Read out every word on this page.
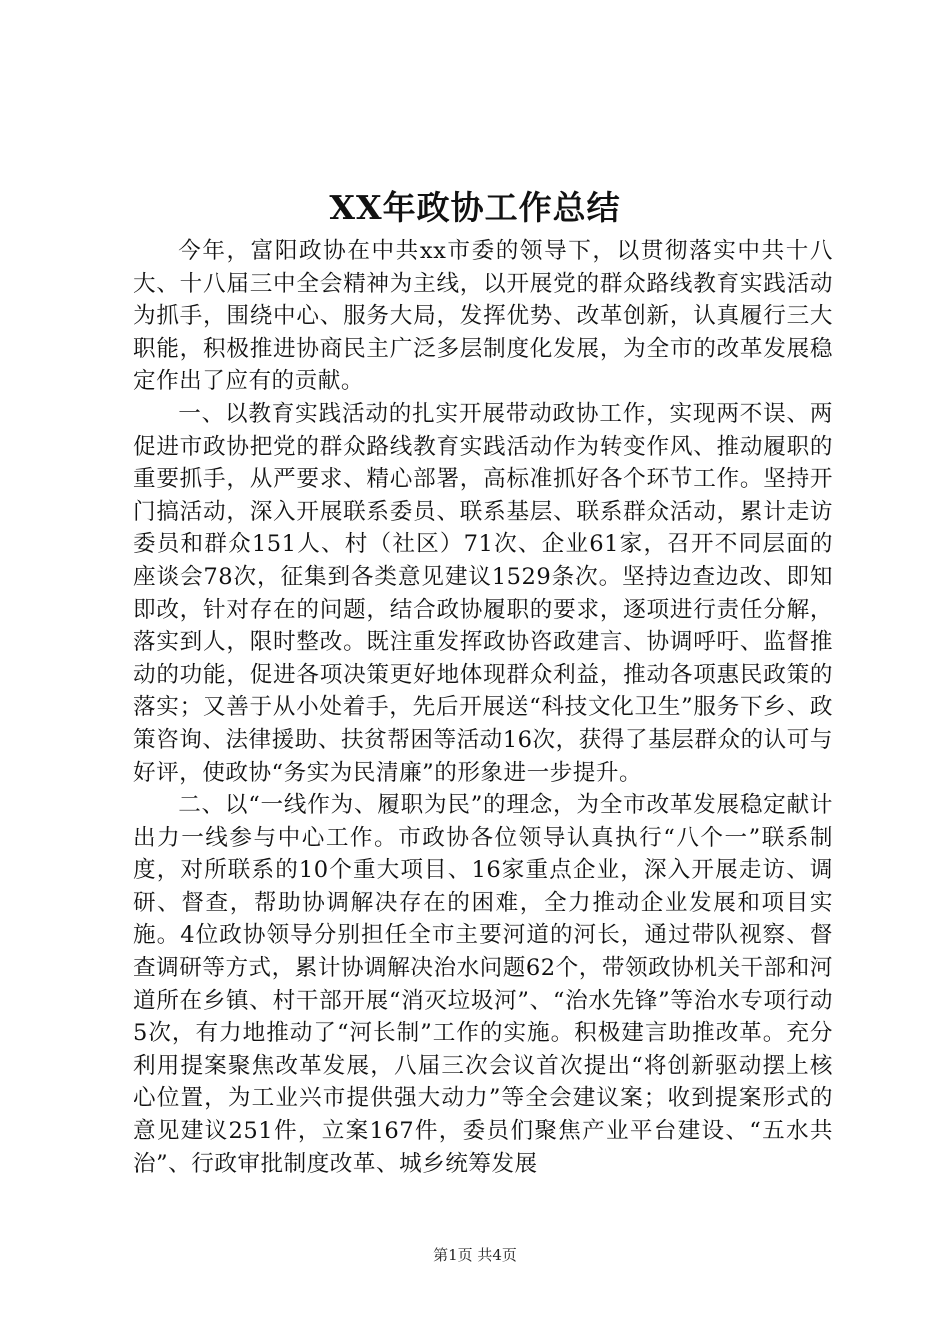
XX年政协工作总结

今年，富阳政协在中共xx市委的领导下，以贯彻落实中共十八大、十八届三中全会精神为主线，以开展党的群众路线教育实践活动为抓手，围绕中心、服务大局，发挥优势、改革创新，认真履行三大职能，积极推进协商民主广泛多层制度化发展，为全市的改革发展稳定作出了应有的贡献。

一、以教育实践活动的扎实开展带动政协工作，实现两不误、两促进市政协把党的群众路线教育实践活动作为转变作风、推动履职的重要抓手，从严要求、精心部署，高标准抓好各个环节工作。坚持开门搞活动，深入开展联系委员、联系基层、联系群众活动，累计走访委员和群众151人、村（社区）71次、企业61家，召开不同层面的座谈会78次，征集到各类意见建议1529条次。坚持边查边改、即知即改，针对存在的问题，结合政协履职的要求，逐项进行责任分解，落实到人，限时整改。既注重发挥政协咨政建言、协调呼吁、监督推动的功能，促进各项决策更好地体现群众利益，推动各项惠民政策的落实；又善于从小处着手，先后开展送“科技文化卫生”服务下乡、政策咨询、法律援助、扶贫帮困等活动16次，获得了基层群众的认可与好评，使政协“务实为民清廉”的形象进一步提升。

二、以“一线作为、履职为民”的理念，为全市改革发展稳定献计出力一线参与中心工作。市政协各位领导认真执行“八个一”联系制度，对所联系的10个重大项目、16家重点企业，深入开展走访、调研、督查，帮助协调解决存在的困难，全力推动企业发展和项目实施。4位政协领导分别担任全市主要河道的河长，通过带队视察、督查调研等方式，累计协调解决治水问题62个，带领政协机关干部和河道所在乡镇、村干部开展“消灭垃圾河”、“治水先锋”等治水专项行动5次，有力地推动了“河长制”工作的实施。积极建言助推改革。充分利用提案聚焦改革发展，八届三次会议首次提出“将创新驱动摆上核心位置，为工业兴市提供强大动力”等全会建议案；收到提案形式的意见建议251件，立案167件，委员们聚焦产业平台建设、“五水共治”、行政审批制度改革、城乡统筹发展

第1页 共4页
